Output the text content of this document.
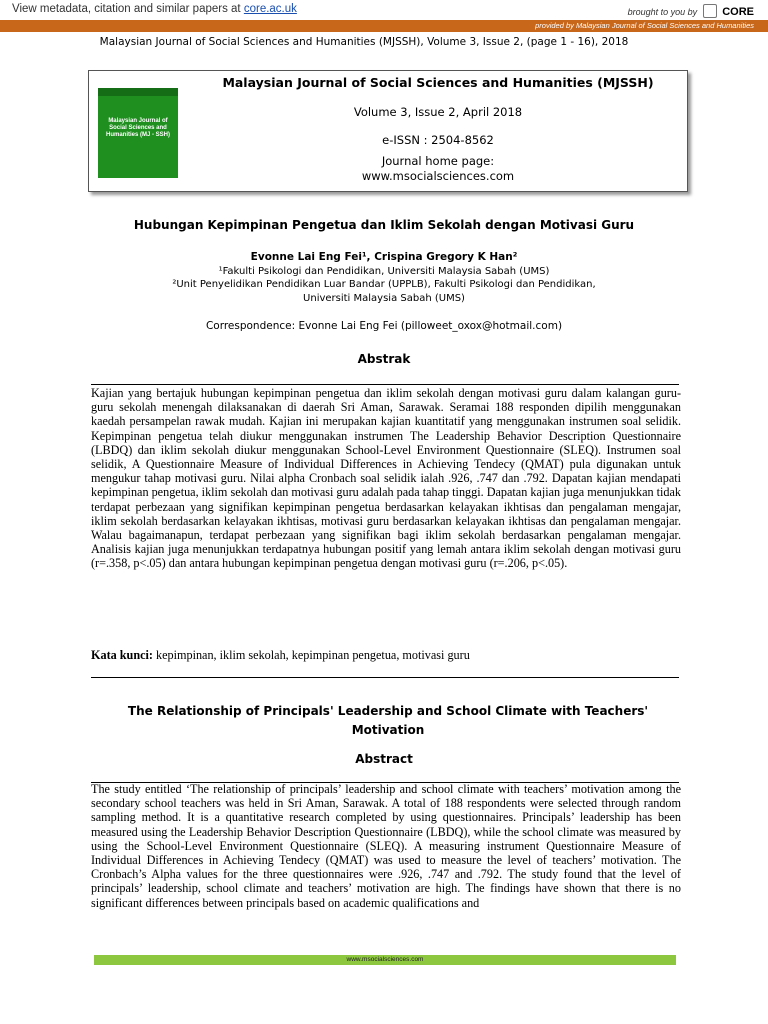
View metadata, citation and similar papers at core.ac.uk	brought to you by CORE
provided by Malaysian Journal of Social Sciences and Humanities
Malaysian Journal of Social Sciences and Humanities (MJSSH), Volume 3, Issue 2, (page 1 - 16), 2018
Malaysian Journal of Social Sciences and Humanities (MJ - SSH)
Malaysian Journal of Social Sciences and Humanities (MJSSH)
Volume 3, Issue 2, April 2018
e-ISSN : 2504-8562
Journal home page:
www.msocialsciences.com
Hubungan Kepimpinan Pengetua dan Iklim Sekolah dengan Motivasi Guru
Evonne Lai Eng Fei¹, Crispina Gregory K Han²
¹Fakulti Psikologi dan Pendidikan, Universiti Malaysia Sabah (UMS)
²Unit Penyelidikan Pendidikan Luar Bandar (UPPLB), Fakulti Psikologi dan Pendidikan,
Universiti Malaysia Sabah (UMS)
Correspondence: Evonne Lai Eng Fei (pilloweet_oxox@hotmail.com)
Abstrak
Kajian yang bertajuk hubungan kepimpinan pengetua dan iklim sekolah dengan motivasi guru dalam kalangan guru-guru sekolah menengah dilaksanakan di daerah Sri Aman, Sarawak. Seramai 188 responden dipilih menggunakan kaedah persampelan rawak mudah. Kajian ini merupakan kajian kuantitatif yang menggunakan instrumen soal selidik. Kepimpinan pengetua telah diukur menggunakan instrumen The Leadership Behavior Description Questionnaire (LBDQ) dan iklim sekolah diukur menggunakan School-Level Environment Questionnaire (SLEQ). Instrumen soal selidik, A Questionnaire Measure of Individual Differences in Achieving Tendecy (QMAT) pula digunakan untuk mengukur tahap motivasi guru. Nilai alpha Cronbach soal selidik ialah .926, .747 dan .792. Dapatan kajian mendapati kepimpinan pengetua, iklim sekolah dan motivasi guru adalah pada tahap tinggi. Dapatan kajian juga menunjukkan tidak terdapat perbezaan yang signifikan kepimpinan pengetua berdasarkan kelayakan ikhtisas dan pengalaman mengajar, iklim sekolah berdasarkan kelayakan ikhtisas, motivasi guru berdasarkan kelayakan ikhtisas dan pengalaman mengajar. Walau bagaimanapun, terdapat perbezaan yang signifikan bagi iklim sekolah berdasarkan pengalaman mengajar. Analisis kajian juga menunjukkan terdapatnya hubungan positif yang lemah antara iklim sekolah dengan motivasi guru (r=.358, p<.05) dan antara hubungan kepimpinan pengetua dengan motivasi guru (r=.206, p<.05).
Kata kunci: kepimpinan, iklim sekolah, kepimpinan pengetua, motivasi guru
The Relationship of Principals' Leadership and School Climate with Teachers' Motivation
Abstract
The study entitled ‘The relationship of principals’ leadership and school climate with teachers’ motivation among the secondary school teachers was held in Sri Aman, Sarawak. A total of 188 respondents were selected through random sampling method. It is a quantitative research completed by using questionnaires. Principals’ leadership has been measured using the Leadership Behavior Description Questionnaire (LBDQ), while the school climate was measured by using the School-Level Environment Questionnaire (SLEQ). A measuring instrument Questionnaire Measure of Individual Differences in Achieving Tendecy (QMAT) was used to measure the level of teachers’ motivation. The Cronbach’s Alpha values for the three questionnaires were .926, .747 and .792. The study found that the level of principals’ leadership, school climate and teachers’ motivation are high. The findings have shown that there is no significant differences between principals based on academic qualifications and
www.msocialsciences.com
